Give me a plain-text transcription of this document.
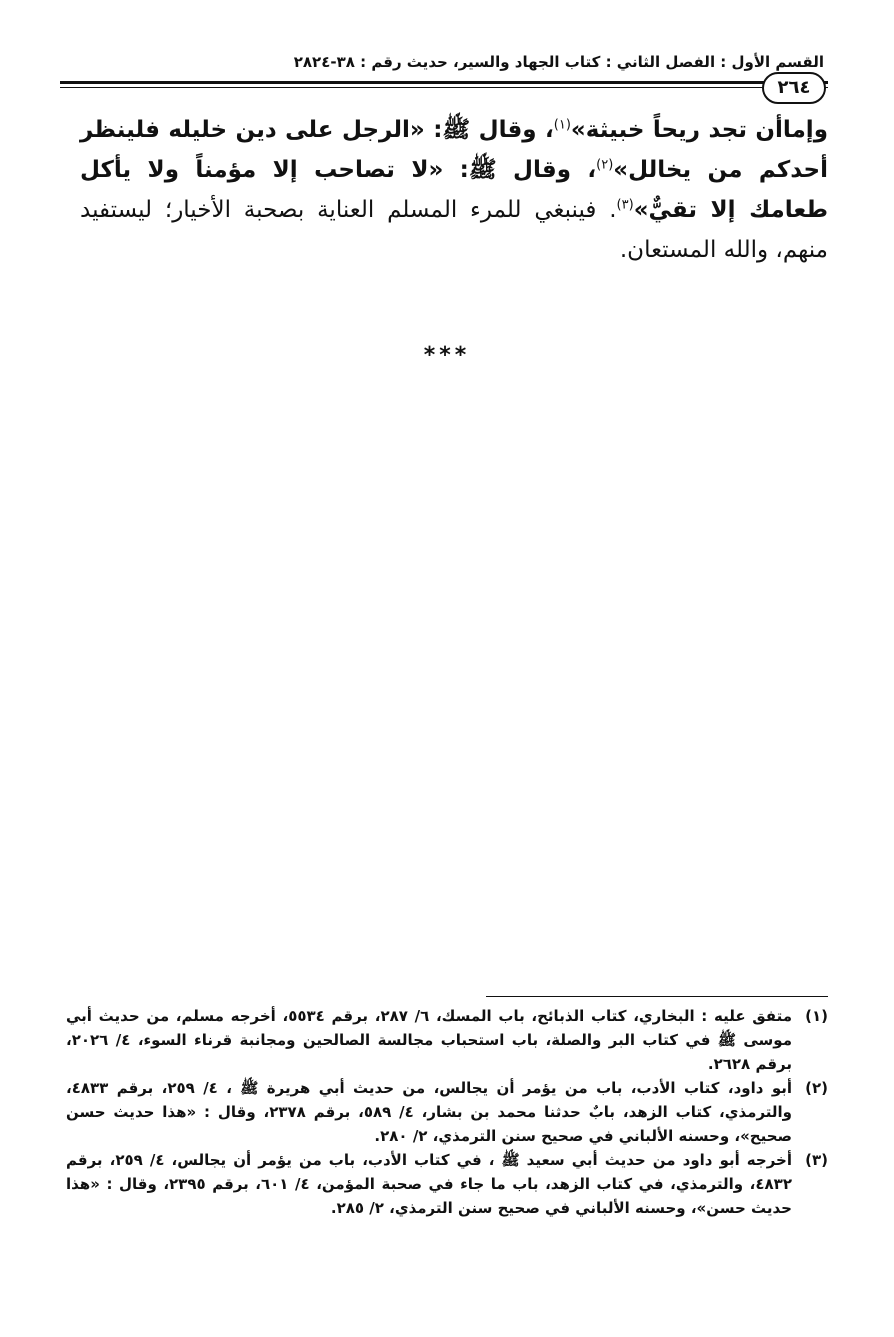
القسم الأول : الفصل الثاني : كتاب الجهاد والسير، حديث رقم : ٣٨-٢٨٢٤
٢٦٤
وإماأن تجد ريحاً خبيثة»$^{(١)}$، وقال ﷺ: «الرجل على دين خليله فلينظر أحدكم من يخالل»$^{(٢)}$، وقال ﷺ: «لا تصاحب إلا مؤمناً ولا يأكل طعامك إلا تقيٌّ»$^{(٣)}$. فينبغي للمرء المسلم العناية بصحبة الأخيار؛ ليستفيد منهم، والله المستعان.
***
(١)
متفق عليه : البخاري، كتاب الذبائح، باب المسك، ٦/ ٢٨٧، برقم ٥٥٣٤، أخرجه مسلم، من حديث أبي موسى ﷺ في كتاب البر والصلة، باب استحباب مجالسة الصالحين ومجانبة قرناء السوء، ٤/ ٢٠٢٦، برقم ٢٦٢٨.
(٢)
أبو داود، كتاب الأدب، باب من يؤمر أن يجالس، من حديث أبي هريرة ﷺ ، ٤/ ٢٥٩، برقم ٤٨٣٣، والترمذي، كتاب الزهد، بابٌ حدثنا محمد بن بشار، ٤/ ٥٨٩، برقم ٢٣٧٨، وقال : «هذا حديث حسن صحيح»، وحسنه الألباني في صحيح سنن الترمذي، ٢/ ٢٨٠.
(٣)
أخرجه أبو داود من حديث أبي سعيد ﷺ ، في كتاب الأدب، باب من يؤمر أن يجالس، ٤/ ٢٥٩، برقم ٤٨٣٢، والترمذي، في كتاب الزهد، باب ما جاء في صحبة المؤمن، ٤/ ٦٠١، برقم ٢٣٩٥، وقال : «هذا حديث حسن»، وحسنه الألباني في صحيح سنن الترمذي، ٢/ ٢٨٥.
